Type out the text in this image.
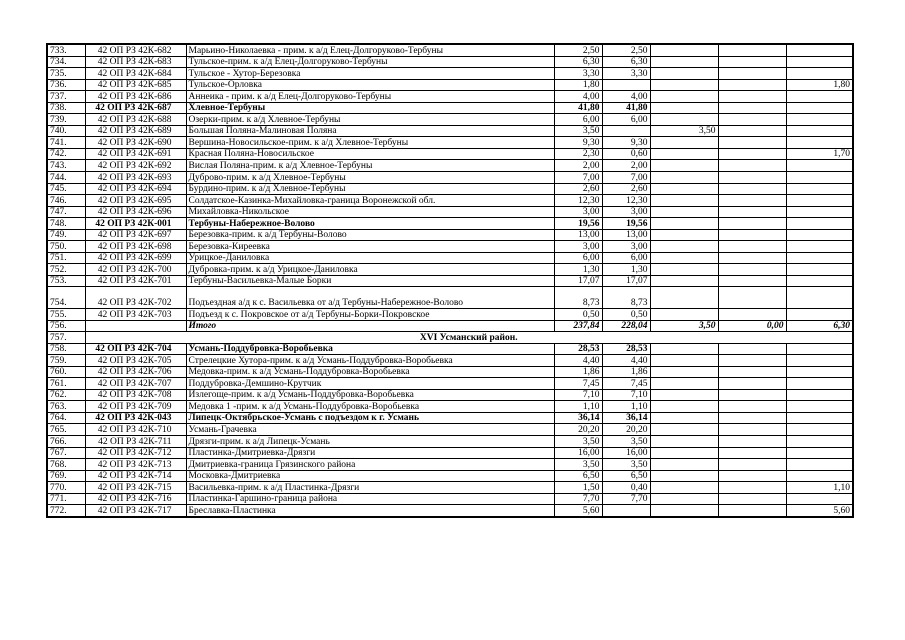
733.	42 ОП РЗ 42К-682	Марьино-Николаевка - прим. к а/д Елец-Долгоруково-Тербуны	2,50	2,50			
734.	42 ОП РЗ 42К-683	Тульское-прим. к а/д Елец-Долгоруково-Тербуны	6,30	6,30			
735.	42 ОП РЗ 42К-684	Тульское - Хутор-Березовка	3,30	3,30			
736.	42 ОП РЗ 42К-685	Тульское-Орловка	1,80				1,80
737.	42 ОП РЗ 42К-686	Аннеика - прим. к а/д Елец-Долгоруково-Тербуны	4,00	4,00			
738.	42 ОП РЗ 42К-687	Хлевное-Тербуны	41,80	41,80			
739.	42 ОП РЗ 42К-688	Озерки-прим. к а/д Хлевное-Тербуны	6,00	6,00			
740.	42 ОП РЗ 42К-689	Большая Поляна-Малиновая Поляна	3,50		3,50		
741.	42 ОП РЗ 42К-690	Вершина-Новосильское-прим. к а/д Хлевное-Тербуны	9,30	9,30			
742.	42 ОП РЗ 42К-691	Красная Поляна-Новосильское	2,30	0,60			1,70
743.	42 ОП РЗ 42К-692	Вислая Поляна-прим. к а/д Хлевное-Тербуны	2,00	2,00			
744.	42 ОП РЗ 42К-693	Дуброво-прим. к а/д Хлевное-Тербуны	7,00	7,00			
745.	42 ОП РЗ 42К-694	Бурдино-прим. к а/д Хлевное-Тербуны	2,60	2,60			
746.	42 ОП РЗ 42К-695	Солдатское-Казинка-Михайловка-граница Воронежской обл.	12,30	12,30			
747.	42 ОП РЗ 42К-696	Михайловка-Никольское	3,00	3,00			
748.	42 ОП РЗ 42К-001	Тербуны-Набережное-Волово	19,56	19,56			
749.	42 ОП РЗ 42К-697	Березовка-прим. к а/д Тербуны-Волово	13,00	13,00			
750.	42 ОП РЗ 42К-698	Березовка-Киреевка	3,00	3,00			
751.	42 ОП РЗ 42К-699	Урицкое-Даниловка	6,00	6,00			
752.	42 ОП РЗ 42К-700	Дубровка-прим. к а/д Урицкое-Даниловка	1,30	1,30			
753.	42 ОП РЗ 42К-701	Тербуны-Васильевка-Малые Борки	17,07	17,07			
754.	42 ОП РЗ 42К-702	Подъездная а/д к с. Васильевка от а/д Тербуны-Набережное-Волово	8,73	8,73			
755.	42 ОП РЗ 42К-703	Подъезд к с. Покровское от а/д Тербуны-Борки-Покровское	0,50	0,50			
756.		Итого	237,84	228,04	3,50	0,00	6,30
757.	XVI Усманский район.						
758.	42 ОП РЗ 42К-704	Усмань-Поддубровка-Воробьевка	28,53	28,53			
759.	42 ОП РЗ 42К-705	Стрелецкие Хутора-прим. к а/д Усмань-Поддубровка-Воробьевка	4,40	4,40			
760.	42 ОП РЗ 42К-706	Медовка-прим. к а/д Усмань-Поддубровка-Воробьевка	1,86	1,86			
761.	42 ОП РЗ 42К-707	Поддубровка-Демшино-Крутчик	7,45	7,45			
762.	42 ОП РЗ 42К-708	Излегоще-прим. к а/д Усмань-Поддубровка-Воробьевка	7,10	7,10			
763.	42 ОП РЗ 42К-709	Медовка 1 -прим. к а/д Усмань-Поддубровка-Воробьевка	1,10	1,10			
764.	42 ОП РЗ 42К-043	Липецк-Октябрьское-Усмань с подъездом к г. Усмань	36,14	36,14			
765.	42 ОП РЗ 42К-710	Усмань-Грачевка	20,20	20,20			
766.	42 ОП РЗ 42К-711	Дрязги-прим. к а/д Липецк-Усмань	3,50	3,50			
767.	42 ОП РЗ 42К-712	Пластинка-Дмитриевка-Дрязги	16,00	16,00			
768.	42 ОП РЗ 42К-713	Дмитриевка-граница Грязинского района	3,50	3,50			
769.	42 ОП РЗ 42К-714	Московка-Дмитриевка	6,50	6,50			
770.	42 ОП РЗ 42К-715	Васильевка-прим. к а/д Пластинка-Дрязги	1,50	0,40			1,10
771.	42 ОП РЗ 42К-716	Пластинка-Гаршино-граница района	7,70	7,70			
772.	42 ОП РЗ 42К-717	Бреславка-Пластинка	5,60				5,60
